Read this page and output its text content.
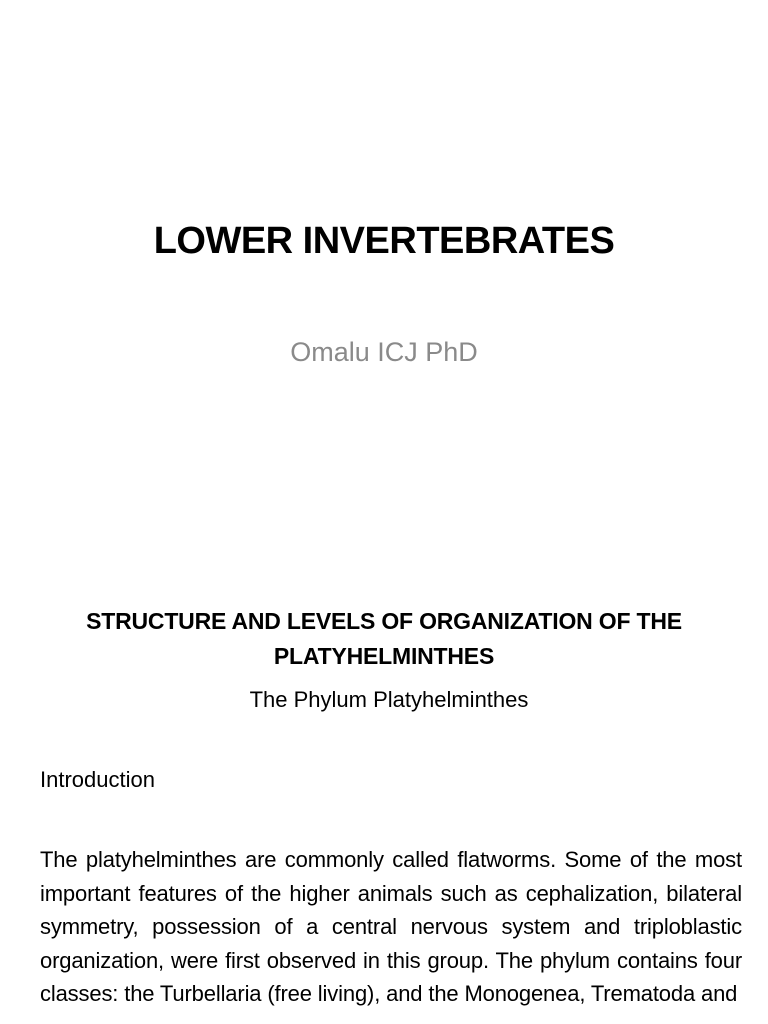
LOWER INVERTEBRATES

Omalu ICJ PhD

STRUCTURE AND LEVELS OF ORGANIZATION OF THE PLATYHELMINTHES

The Phylum Platyhelminthes

Introduction

The platyhelminthes are commonly called flatworms. Some of the most important features of the higher animals such as cephalization, bilateral symmetry, possession of a central nervous system and triploblastic organization, were first observed in this group. The phylum contains four classes: the Turbellaria (free living), and the Monogenea, Trematoda and
